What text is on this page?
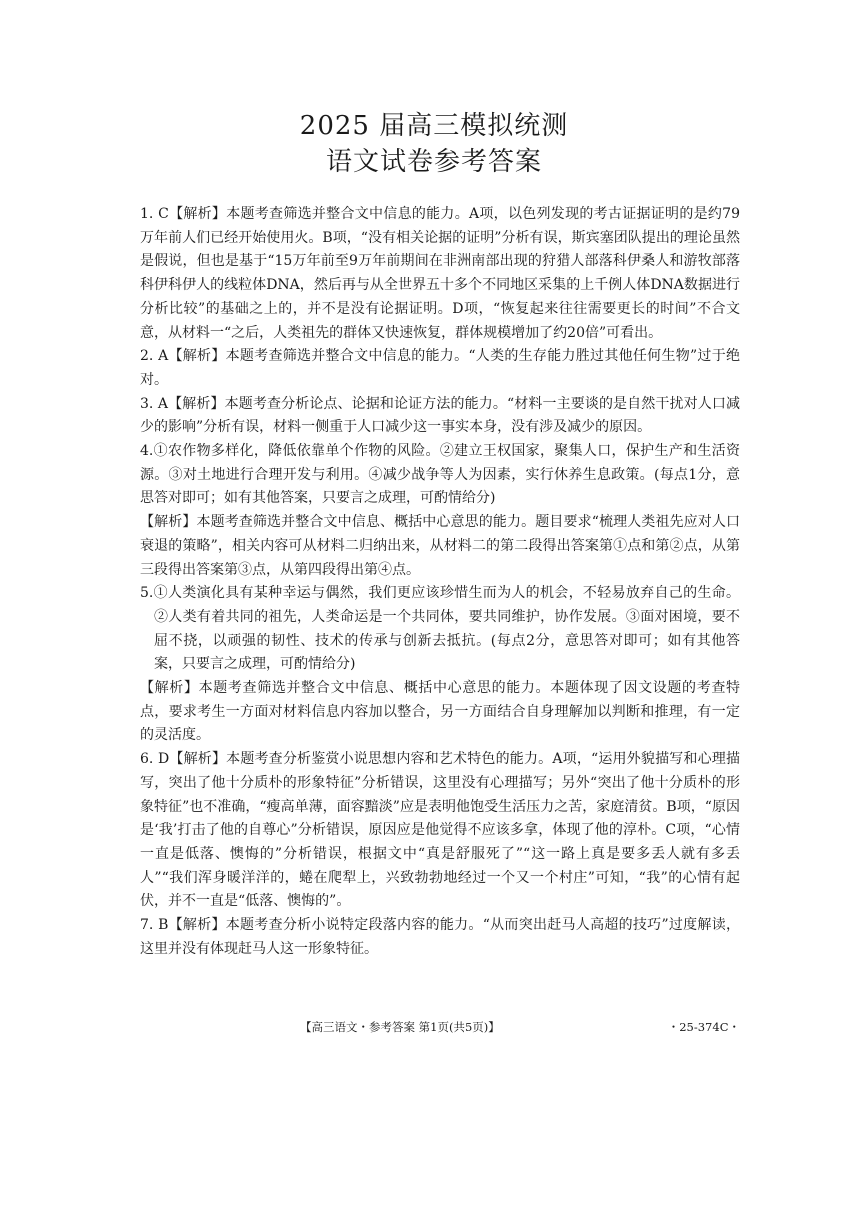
2025 届高三模拟统测
语文试卷参考答案

1. C【解析】本题考查筛选并整合文中信息的能力。A项，以色列发现的考古证据证明的是约79万年前人们已经开始使用火。B项，“没有相关论据的证明”分析有误，斯宾塞团队提出的理论虽然是假说，但也是基于“15万年前至9万年前期间在非洲南部出现的狩猎人部落科伊桑人和游牧部落科伊科伊人的线粒体DNA，然后再与从全世界五十多个不同地区采集的上千例人体DNA数据进行分析比较”的基础之上的，并不是没有论据证明。D项，“恢复起来往往需要更长的时间”不合文意，从材料一“之后，人类祖先的群体又快速恢复，群体规模增加了约20倍”可看出。

2. A【解析】本题考查筛选并整合文中信息的能力。“人类的生存能力胜过其他任何生物”过于绝对。

3. A【解析】本题考查分析论点、论据和论证方法的能力。“材料一主要谈的是自然干扰对人口减少的影响”分析有误，材料一侧重于人口减少这一事实本身，没有涉及减少的原因。

4.①农作物多样化，降低依靠单个作物的风险。②建立王权国家，聚集人口，保护生产和生活资源。③对土地进行合理开发与利用。④减少战争等人为因素，实行休养生息政策。(每点1分，意思答对即可；如有其他答案，只要言之成理，可酌情给分)

【解析】本题考查筛选并整合文中信息、概括中心意思的能力。题目要求“梳理人类祖先应对人口衰退的策略”，相关内容可从材料二归纳出来，从材料二的第二段得出答案第①点和第②点，从第三段得出答案第③点，从第四段得出第④点。

5.①人类演化具有某种幸运与偶然，我们更应该珍惜生而为人的机会，不轻易放弃自己的生命。②人类有着共同的祖先，人类命运是一个共同体，要共同维护，协作发展。③面对困境，要不屈不挠，以顽强的韧性、技术的传承与创新去抵抗。(每点2分，意思答对即可；如有其他答案，只要言之成理，可酌情给分)

【解析】本题考查筛选并整合文中信息、概括中心意思的能力。本题体现了因文设题的考查特点，要求考生一方面对材料信息内容加以整合，另一方面结合自身理解加以判断和推理，有一定的灵活度。

6. D【解析】本题考查分析鉴赏小说思想内容和艺术特色的能力。A项，“运用外貌描写和心理描写，突出了他十分质朴的形象特征”分析错误，这里没有心理描写；另外“突出了他十分质朴的形象特征”也不准确，“瘦高单薄，面容黯淡”应是表明他饱受生活压力之苦，家庭清贫。B项，“原因是‘我’打击了他的自尊心”分析错误，原因应是他觉得不应该多拿，体现了他的淳朴。C项，“心情一直是低落、懊悔的”分析错误，根据文中“真是舒服死了”“这一路上真是要多丢人就有多丢人”“我们浑身暖洋洋的，蜷在爬犁上，兴致勃勃地经过一个又一个村庄”可知，“我”的心情有起伏，并不一直是“低落、懊悔的”。

7. B【解析】本题考查分析小说特定段落内容的能力。“从而突出赶马人高超的技巧”过度解读，这里并没有体现赶马人这一形象特征。

【高三语文・参考答案 第1页(共5页)】	・25-374C・
